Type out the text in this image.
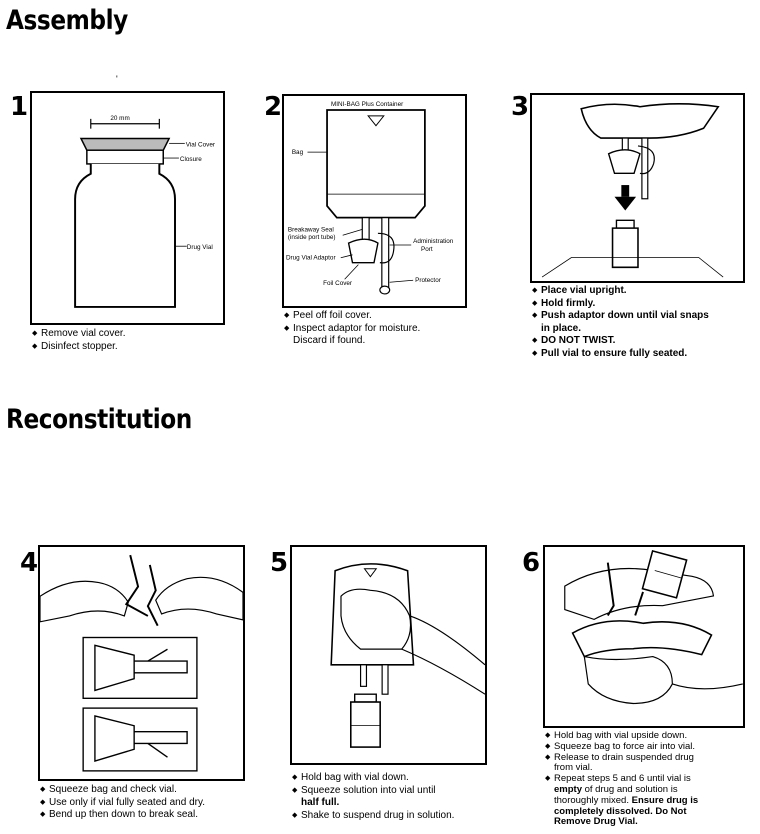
Assembly
'
1	20 mm
Vial Cover
Closure
Drug Vial
◆ Remove vial cover.
◆ Disinfect stopper.
2	MINI-BAG Plus Container
Bag
Breakaway Seal
(inside port tube)
Drug Vial Adaptor
Foil Cover
Administration
Port
Protector
◆ Peel off foil cover.
◆ Inspect adaptor for moisture.
Discard if found.
3
◆ Place vial upright.
◆ Hold firmly.
◆ Push adaptor down until vial snaps
in place.
◆ DO NOT TWIST.
◆ Pull vial to ensure fully seated.
Reconstitution
4
◆ Squeeze bag and check vial.
◆ Use only if vial fully seated and dry.
◆ Bend up then down to break seal.
5
◆ Hold bag with vial down.
◆ Squeeze solution into vial until
half full.
◆ Shake to suspend drug in solution.
6
◆ Hold bag with vial upside down.
◆ Squeeze bag to force air into vial.
◆ Release to drain suspended drug
from vial.
◆ Repeat steps 5 and 6 until vial is
empty of drug and solution is
thoroughly mixed. Ensure drug is
completely dissolved. Do Not
Remove Drug Vial.
